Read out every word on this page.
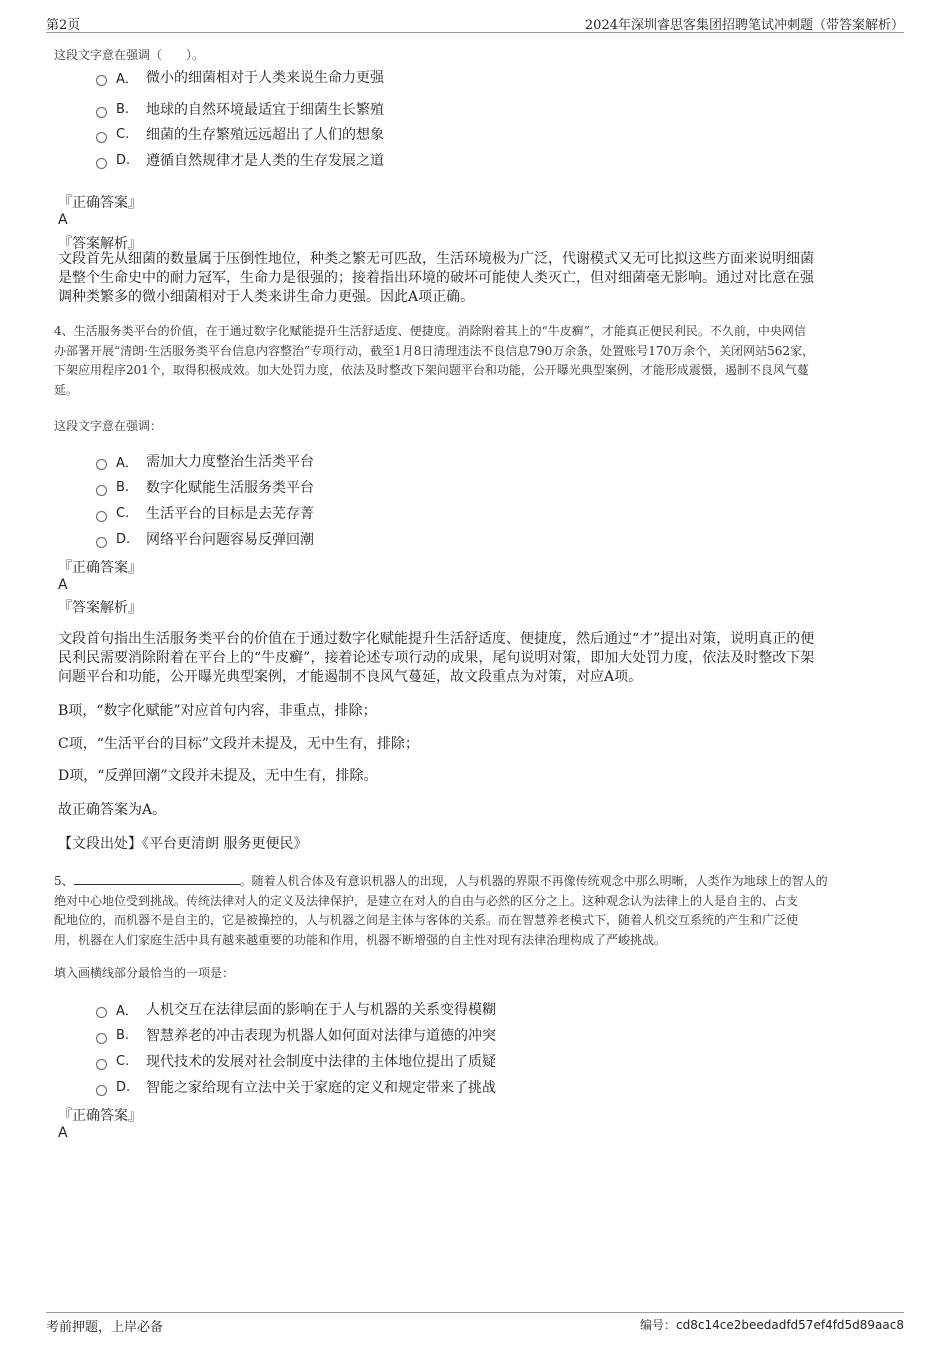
第2页	2024年深圳睿思客集团招聘笔试冲刺题（带答案解析）
这段文字意在强调（　　）。
A． 微小的细菌相对于人类来说生命力更强
B.	地球的自然环境最适宜于细菌生长繁殖
C.	细菌的生存繁殖远远超出了人们的想象
D.	遵循自然规律才是人类的生存发展之道
『正确答案』
A
『答案解析』
文段首先从细菌的数量属于压倒性地位，种类之繁无可匹敌，生活环境极为广泛，代谢模式又无可比拟这些方面来说明细菌
是整个生命史中的耐力冠军，生命力是很强的；接着指出环境的破坏可能使人类灭亡，但对细菌毫无影响。通过对比意在强
调种类繁多的微小细菌相对于人类来讲生命力更强。因此A项正确。
4、生活服务类平台的价值，在于通过数字化赋能提升生活舒适度、便捷度。消除附着其上的“牛皮癣”，才能真正便民利民。不久前，中央网信
办部署开展“清朗·生活服务类平台信息内容整治”专项行动，截至1月8日清理违法不良信息790万余条，处置账号170万余个，关闭网站562家，
下架应用程序201个，取得积极成效。加大处罚力度，依法及时整改下架问题平台和功能，公开曝光典型案例，才能形成震慑，遏制不良风气蔓
延。
这段文字意在强调：
A． 需加大力度整治生活类平台
B.	数字化赋能生活服务类平台
C.	生活平台的目标是去芜存菁
D.	网络平台问题容易反弹回潮
『正确答案』
A
『答案解析』
文段首句指出生活服务类平台的价值在于通过数字化赋能提升生活舒适度、便捷度，然后通过“才”提出对策，说明真正的便
民利民需要消除附着在平台上的“牛皮癣”，接着论述专项行动的成果，尾句说明对策，即加大处罚力度，依法及时整改下架
问题平台和功能，公开曝光典型案例，才能遏制不良风气蔓延，故文段重点为对策，对应A项。
B项，“数字化赋能”对应首句内容，非重点，排除；
C项，“生活平台的目标”文段并未提及，无中生有，排除；
D项，“反弹回潮”文段并未提及，无中生有，排除。
故正确答案为A。
【文段出处】《平台更清朗 服务更便民》
5、	。随着人机合体及有意识机器人的出现，人与机器的界限不再像传统观念中那么明晰，人类作为地球上的智人的
绝对中心地位受到挑战。传统法律对人的定义及法律保护，是建立在对人的自由与必然的区分之上。这种观念认为法律上的人是自主的、占支
配地位的，而机器不是自主的，它是被操控的，人与机器之间是主体与客体的关系。而在智慧养老模式下，随着人机交互系统的产生和广泛使
用，机器在人们家庭生活中具有越来越重要的功能和作用，机器不断增强的自主性对现有法律治理构成了严峻挑战。
填入画横线部分最恰当的一项是：
A． 人机交互在法律层面的影响在于人与机器的关系变得模糊
B.	智慧养老的冲击表现为机器人如何面对法律与道德的冲突
C.	现代技术的发展对社会制度中法律的主体地位提出了质疑
D.	智能之家给现有立法中关于家庭的定义和规定带来了挑战
『正确答案』
A
考前押题，上岸必备	编号：cd8c14ce2beedadfd57ef4fd5d89aac8
